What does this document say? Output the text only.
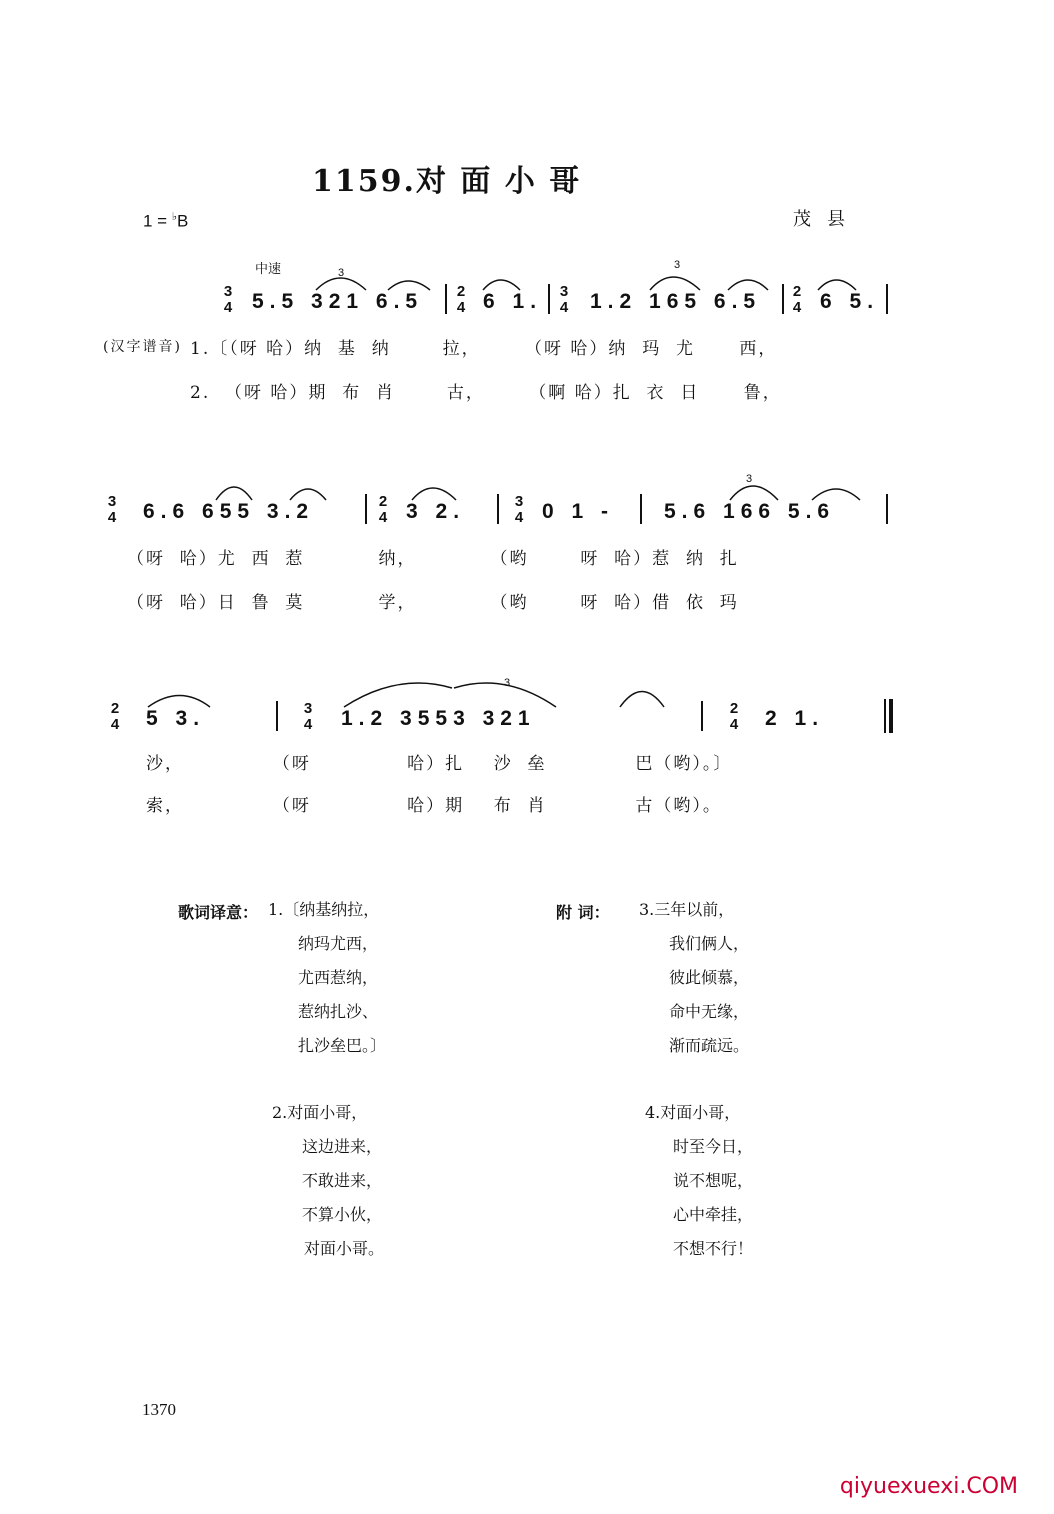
1159.对 面 小 哥
1 = ♭B	茂县
中速
3
4 5.5 321 6.5 2
4 6 1. 3
4 1.2 165 6.5 2
4 6 5.
(汉字谱音) 1.〔（呀 哈）纳  基  纳       拉，      （呀 哈）纳  玛  尤      西，
2.  （呀 哈）期  布  肖       古，      （啊 哈）扎  衣  日      鲁，
3
4 6.6 655 3.2	2
4 3 2.	3
4 0 1 - 5.6 166 5.6
（呀  哈）尤  西  惹          纳，          （哟       呀  哈）惹  纳  扎
（呀  哈）日  鲁  莫          学，          （哟       呀  哈）借  依  玛
2
4 5 3.	3
4 1.2 3553 321	2
4 2 1.
沙，            （呀             哈）扎    沙  垒            巴（哟）。〕
索，            （呀             哈）期    布  肖            古（哟）。
3
3
3
3
歌词译意： 1.〔纳基纳拉，
纳玛尤西，
尤西惹纳，
惹纳扎沙、
扎沙垒巴。〕
2.对面小哥，
这边进来，
不敢进来，
不算小伙，
对面小哥。
附 词： 3.三年以前，
我们俩人，
彼此倾慕，
命中无缘，
渐而疏远。
4.对面小哥，
时至今日，
说不想呢，
心中牵挂，
不想不行！
1370
qiyuexuexi.COM
